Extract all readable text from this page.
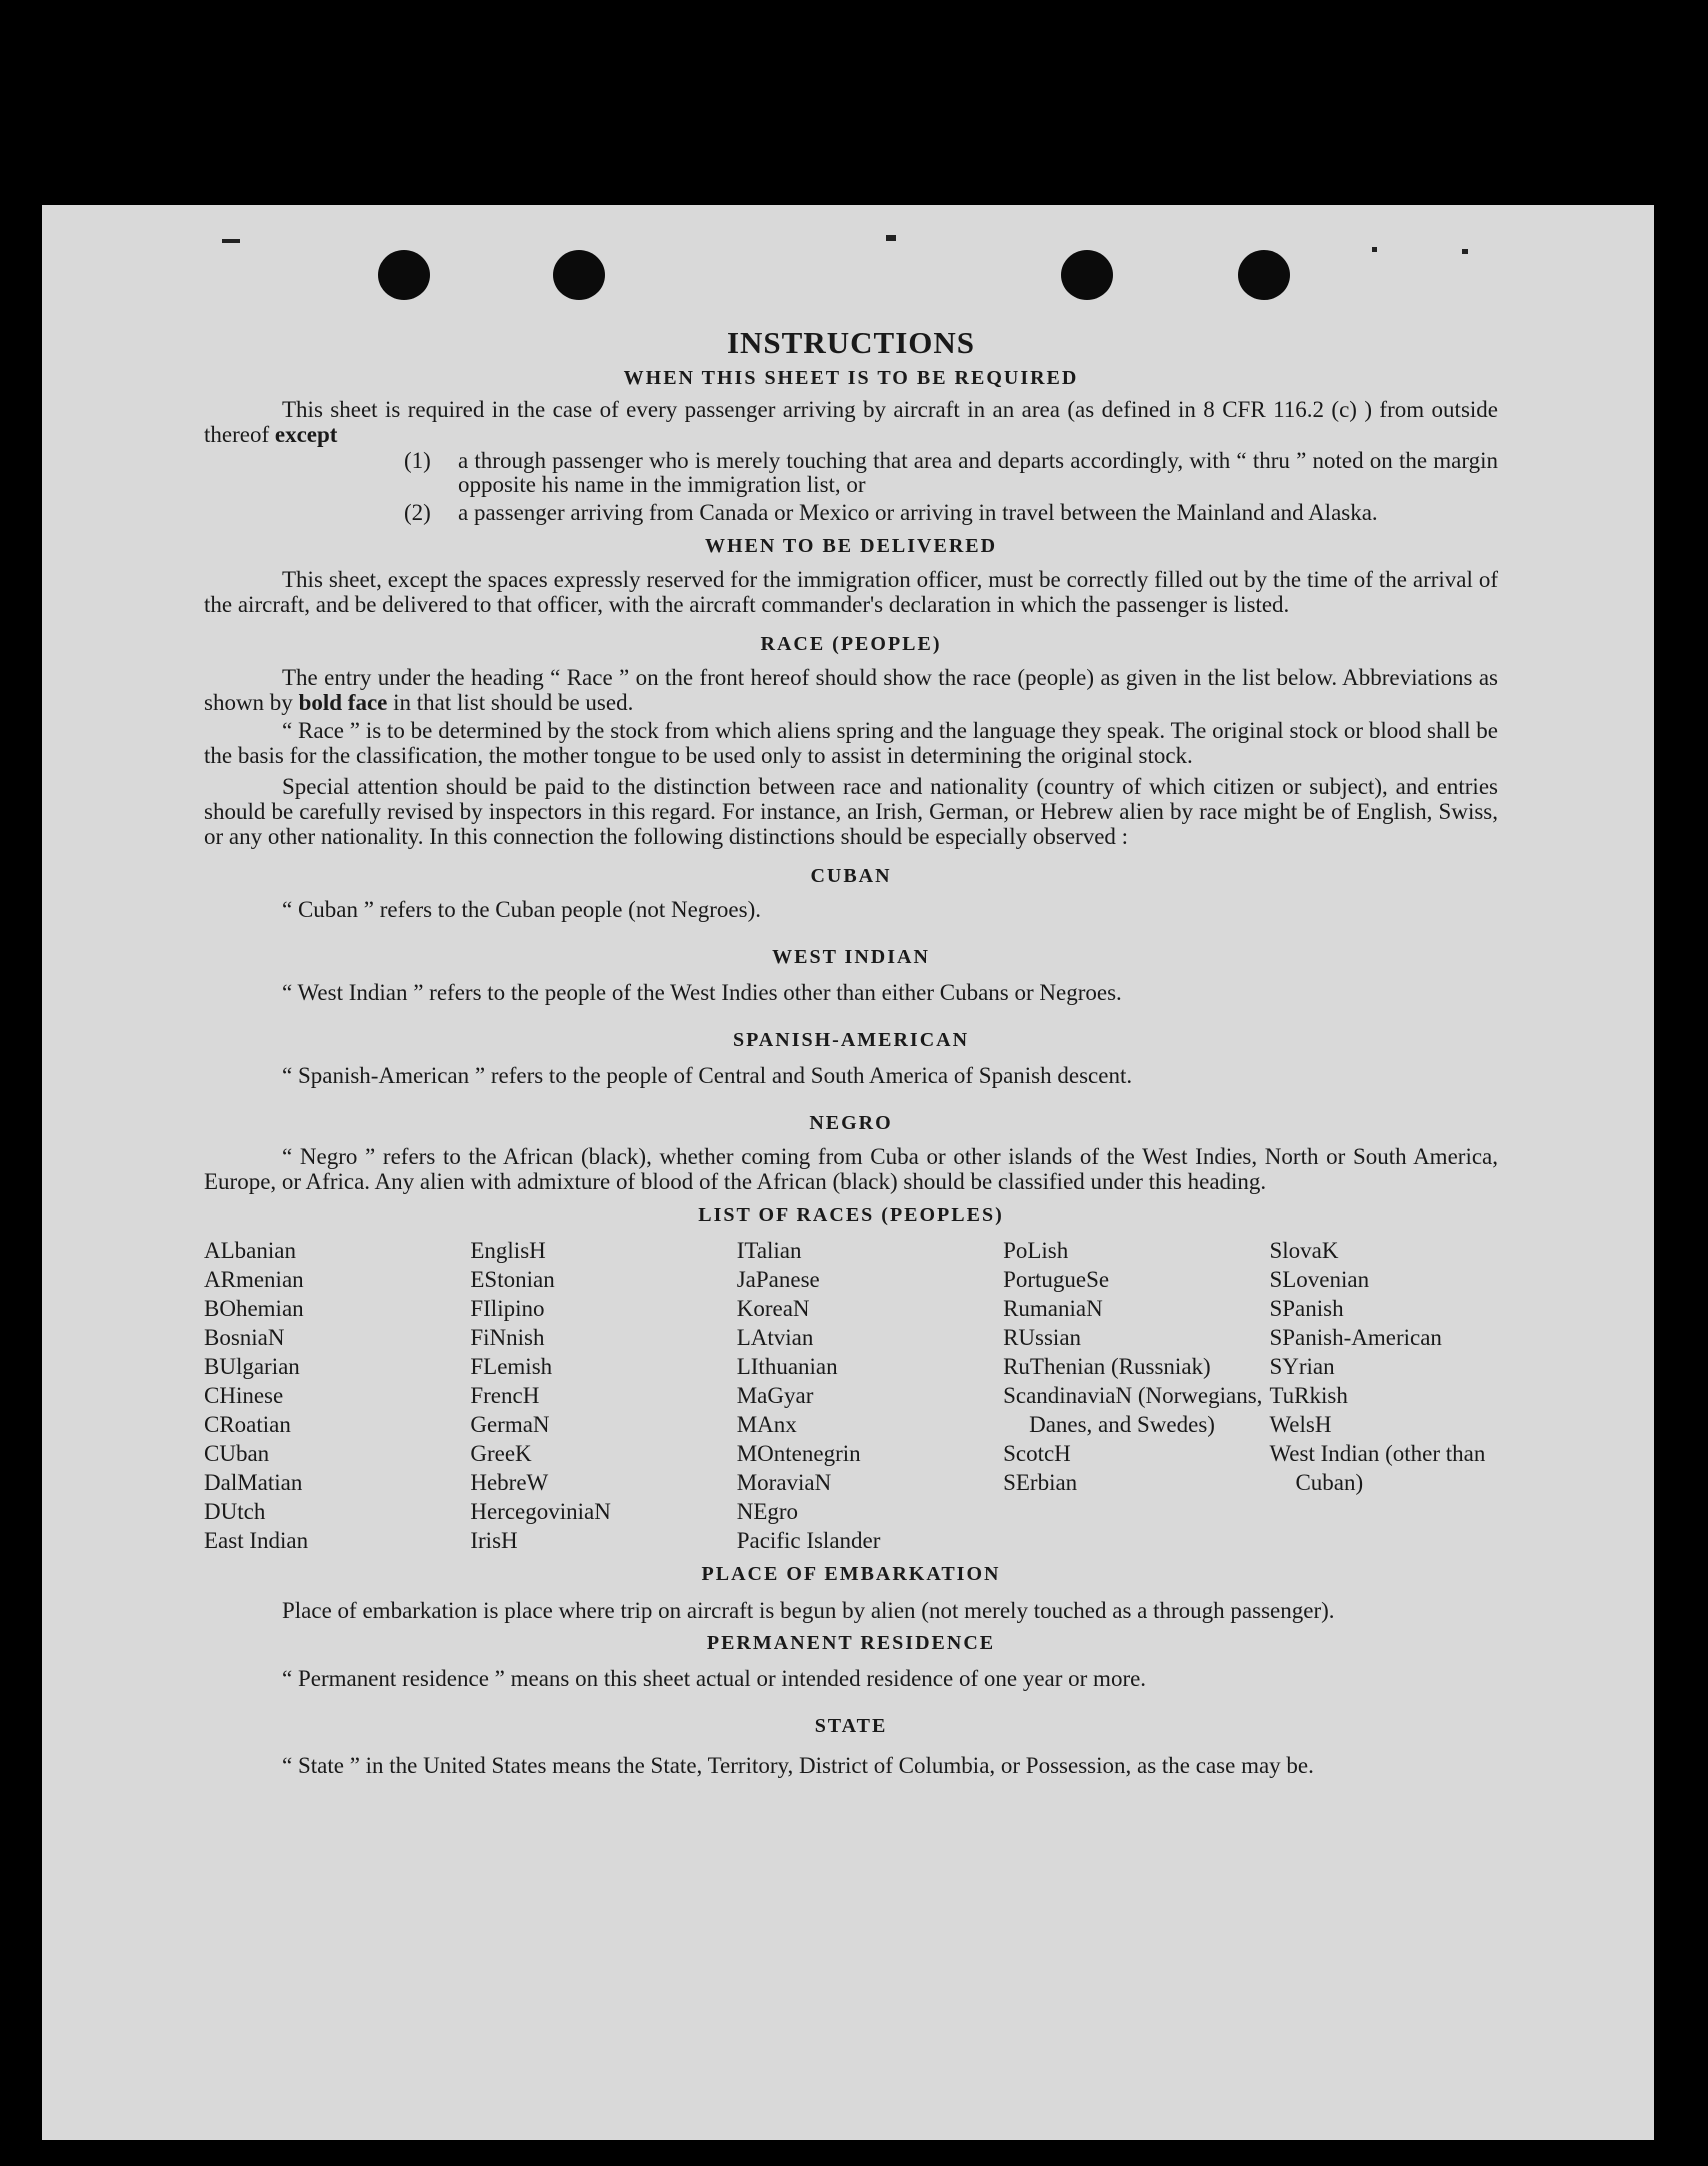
INSTRUCTIONS
WHEN THIS SHEET IS TO BE REQUIRED

This sheet is required in the case of every passenger arriving by aircraft in an area (as defined in 8 CFR 116.2 (c) ) from outside thereof except

(1) a through passenger who is merely touching that area and departs accordingly, with “ thru ” noted on the margin opposite his name in the immigration list, or
(2) a passenger arriving from Canada or Mexico or arriving in travel between the Mainland and Alaska.
WHEN TO BE DELIVERED

This sheet, except the spaces expressly reserved for the immigration officer, must be correctly filled out by the time of the arrival of the aircraft, and be delivered to that officer, with the aircraft commander's declaration in which the passenger is listed.

RACE (PEOPLE)

The entry under the heading “ Race ” on the front hereof should show the race (people) as given in the list below. Abbreviations as shown by bold face in that list should be used.

“ Race ” is to be determined by the stock from which aliens spring and the language they speak. The original stock or blood shall be the basis for the classification, the mother tongue to be used only to assist in determining the original stock.

Special attention should be paid to the distinction between race and nationality (country of which citizen or subject), and entries should be carefully revised by inspectors in this regard. For instance, an Irish, German, or Hebrew alien by race might be of English, Swiss, or any other nationality. In this connection the following distinctions should be especially observed :

CUBAN

“ Cuban ” refers to the Cuban people (not Negroes).

WEST INDIAN

“ West Indian ” refers to the people of the West Indies other than either Cubans or Negroes.

SPANISH-AMERICAN

“ Spanish-American ” refers to the people of Central and South America of Spanish descent.

NEGRO

“ Negro ” refers to the African (black), whether coming from Cuba or other islands of the West Indies, North or South America, Europe, or Africa. Any alien with admixture of blood of the African (black) should be classified under this heading.

LIST OF RACES (PEOPLES)
ALbanian
ARmenian
BOhemian
BosniaN
BUlgarian
CHinese
CRoatian
CUban
DalMatian
DUtch
East Indian
EnglisH
EStonian
FIlipino
FiNnish
FLemish
FrencH
GermaN
GreeK
HebreW
HercegoviniaN
IrisH
ITalian
JaPanese
KoreaN
LAtvian
LIthuanian
MaGyar
MAnx
MOntenegrin
MoraviaN
NEgro
Pacific Islander
PoLish
PortugueSe
RumaniaN
RUssian
RuThenian (Russniak)
ScandinaviaN (Norwegians, Danes, and Swedes)
ScotcH
SErbian
SlovaK
SLovenian
SPanish
SPanish-American
SYrian
TuRkish
WelsH
West Indian (other than Cuban)
PLACE OF EMBARKATION

Place of embarkation is place where trip on aircraft is begun by alien (not merely touched as a through passenger).

PERMANENT RESIDENCE

“ Permanent residence ” means on this sheet actual or intended residence of one year or more.

STATE

“ State ” in the United States means the State, Territory, District of Columbia, or Possession, as the case may be.
